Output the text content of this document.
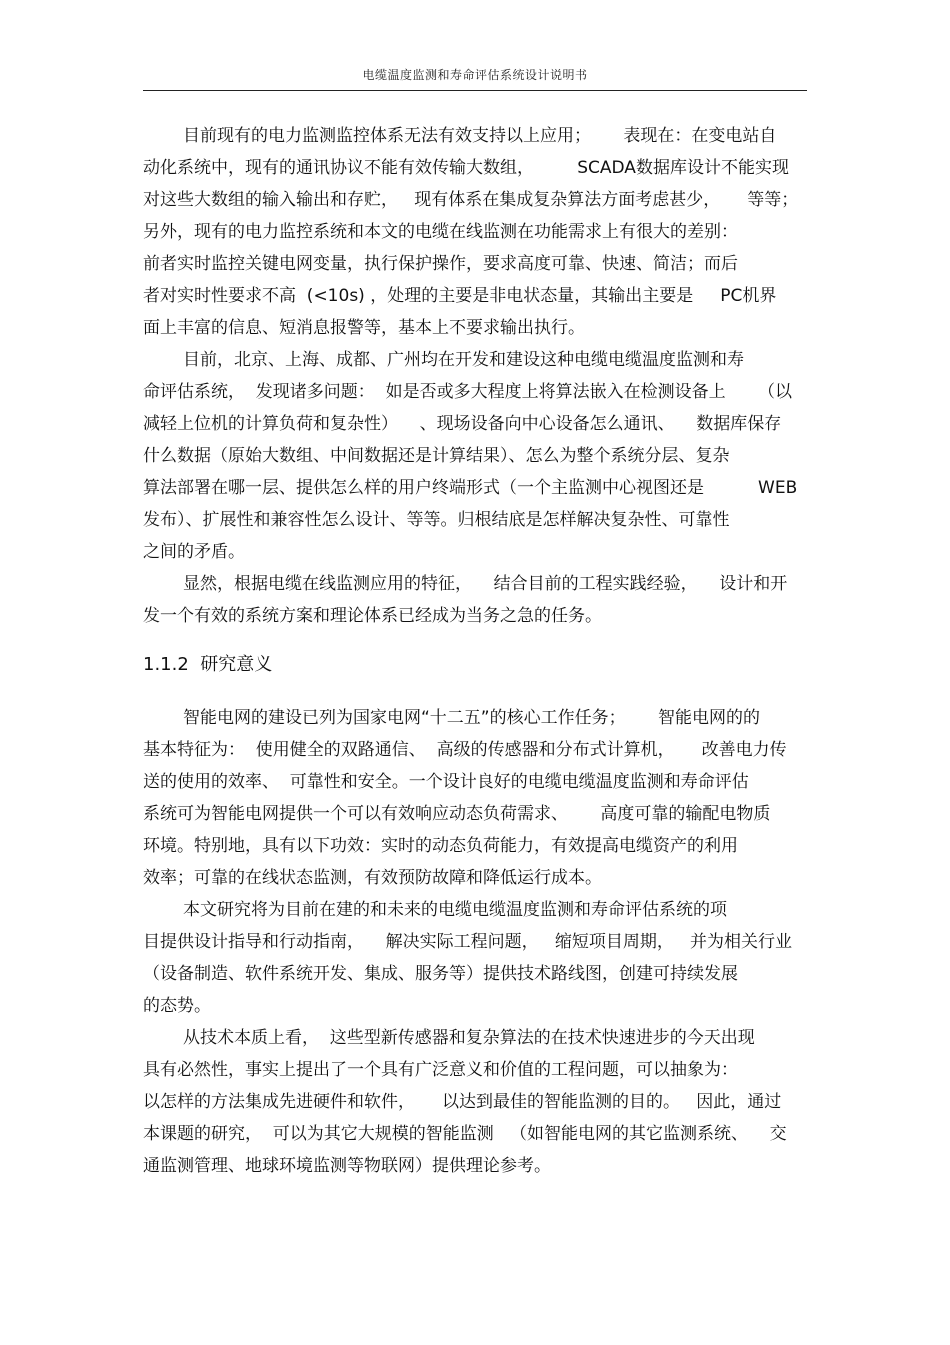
电缆温度监测和寿命评估系统设计说明书
目前现有的电力监测监控体系无法有效支持以上应用；      表现在：在变电站自
动化系统中，现有的通讯协议不能有效传输大数组，        SCADA数据库设计不能实现
对这些大数组的输入输出和存贮，   现有体系在集成复杂算法方面考虑甚少，     等等；
另外，现有的电力监控系统和本文的电缆在线监测在功能需求上有很大的差别：
前者实时监控关键电网变量，执行保护操作，要求高度可靠、快速、简洁；而后
者对实时性要求不高  (<10s) ，处理的主要是非电状态量，其输出主要是     PC机界
面上丰富的信息、短消息报警等，基本上不要求输出执行。
目前，北京、上海、成都、广州均在开发和建设这种电缆电缆温度监测和寿
命评估系统，  发现诸多问题：  如是否或多大程度上将算法嵌入在检测设备上      （以
减轻上位机的计算负荷和复杂性）    、现场设备向中心设备怎么通讯、    数据库保存
什么数据（原始大数组、中间数据还是计算结果）、怎么为整个系统分层、复杂
算法部署在哪一层、提供怎么样的用户终端形式（一个主监测中心视图还是          WEB
发布）、扩展性和兼容性怎么设计、等等。归根结底是怎样解决复杂性、可靠性
之间的矛盾。
显然，根据电缆在线监测应用的特征，    结合目前的工程实践经验，    设计和开
发一个有效的系统方案和理论体系已经成为当务之急的任务。
1.1.2  研究意义
智能电网的建设已列为国家电网“十二五”的核心工作任务；      智能电网的的
基本特征为：  使用健全的双路通信、  高级的传感器和分布式计算机，     改善电力传
送的使用的效率、  可靠性和安全。一个设计良好的电缆电缆温度监测和寿命评估
系统可为智能电网提供一个可以有效响应动态负荷需求、      高度可靠的输配电物质
环境。特别地，具有以下功效：实时的动态负荷能力，有效提高电缆资产的利用
效率；可靠的在线状态监测，有效预防故障和降低运行成本。
本文研究将为目前在建的和未来的电缆电缆温度监测和寿命评估系统的项
目提供设计指导和行动指南，    解决实际工程问题，   缩短项目周期，   并为相关行业
（设备制造、软件系统开发、集成、服务等）提供技术路线图，创建可持续发展
的态势。
从技术本质上看，  这些型新传感器和复杂算法的在技术快速进步的今天出现
具有必然性，事实上提出了一个具有广泛意义和价值的工程问题，可以抽象为：
以怎样的方法集成先进硬件和软件，     以达到最佳的智能监测的目的。   因此，通过
本课题的研究，  可以为其它大规模的智能监测   （如智能电网的其它监测系统、    交
通监测管理、地球环境监测等物联网）提供理论参考。
